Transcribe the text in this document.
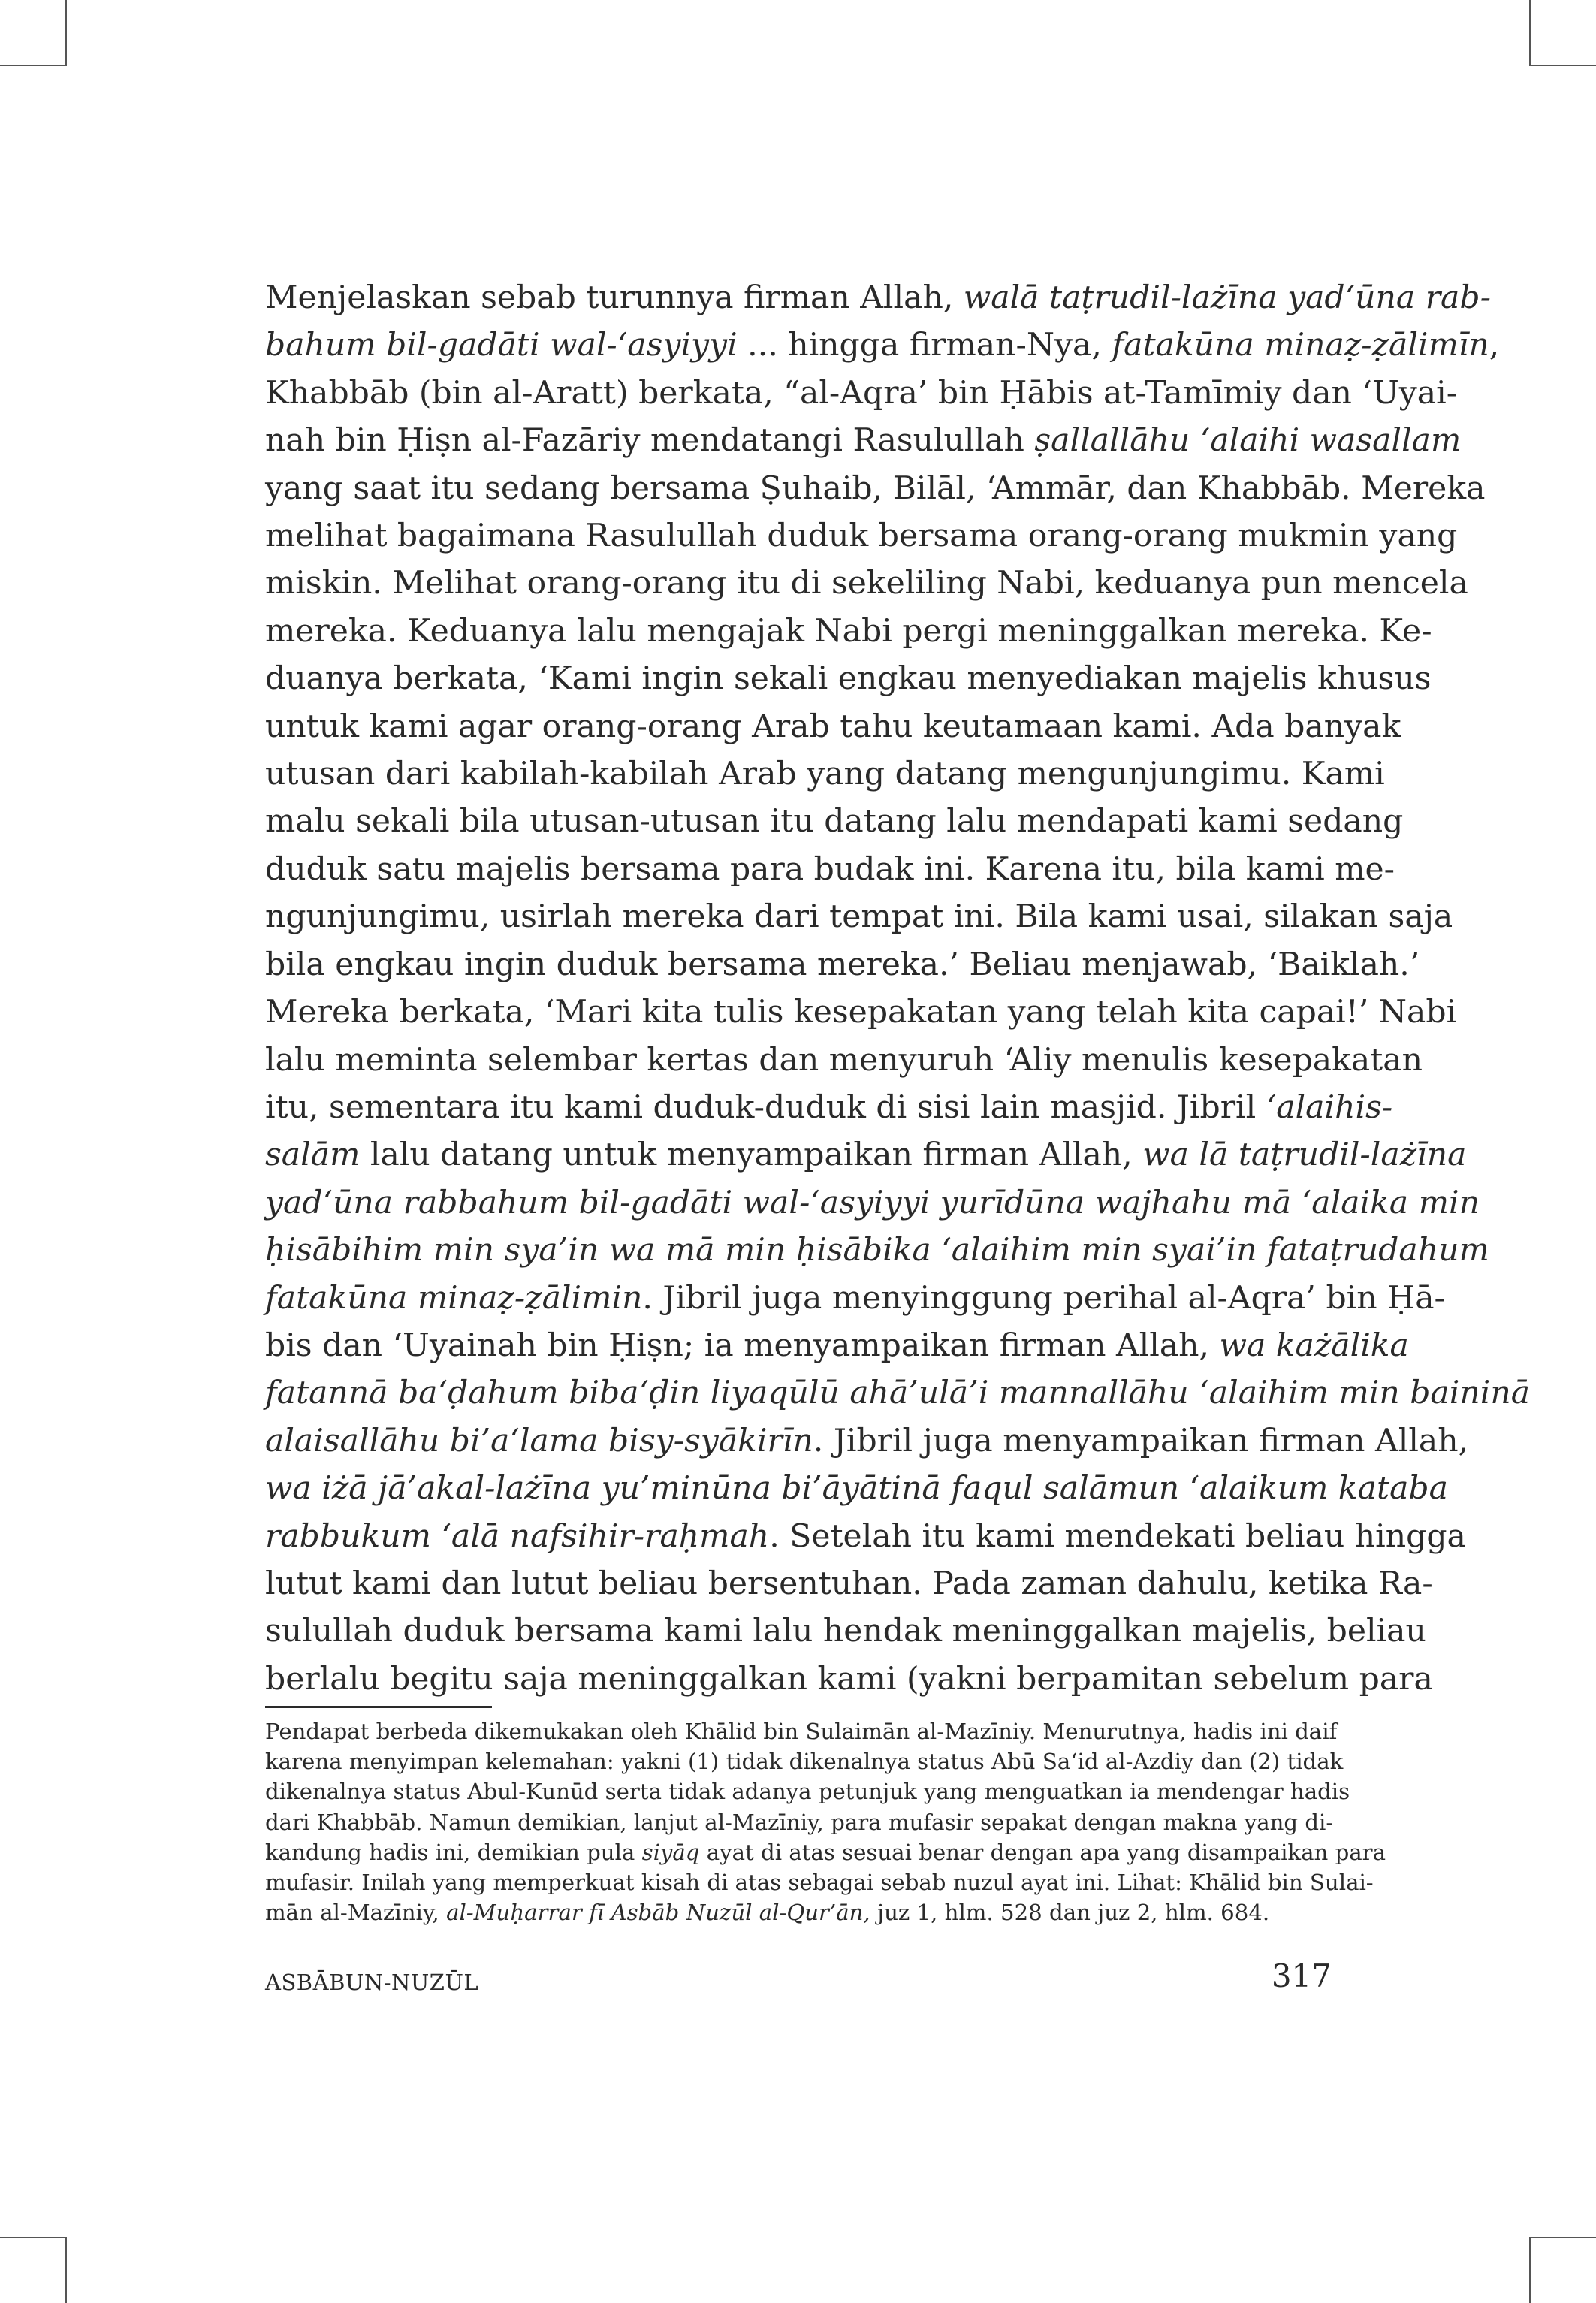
Menjelaskan sebab turunnya firman Allah, walā taṭrudil-lażīna yad‘ūna rab-
bahum bil-gadāti wal-‘asyiyyi ... hingga firman-Nya, fatakūna minaẓ-ẓālimīn,
Khabbāb (bin al-Aratt) berkata, “al-Aqra’ bin Ḥābis at-Tamīmiy dan ‘Uyai-
nah bin Ḥiṣn al-Fazāriy mendatangi Rasulullah ṣallallāhu ‘alaihi wasallam
yang saat itu sedang bersama Ṣuhaib, Bilāl, ‘Ammār, dan Khabbāb. Mereka
melihat bagaimana Rasulullah duduk bersama orang-orang mukmin yang
miskin. Melihat orang-orang itu di sekeliling Nabi, keduanya pun mencela
mereka. Keduanya lalu mengajak Nabi pergi meninggalkan mereka. Ke-
duanya berkata, ‘Kami ingin sekali engkau menyediakan majelis khusus
untuk kami agar orang-orang Arab tahu keutamaan kami. Ada banyak
utusan dari kabilah-kabilah Arab yang datang mengunjungimu. Kami
malu sekali bila utusan-utusan itu datang lalu mendapati kami sedang
duduk satu majelis bersama para budak ini. Karena itu, bila kami me-
ngunjungimu, usirlah mereka dari tempat ini. Bila kami usai, silakan saja
bila engkau ingin duduk bersama mereka.’ Beliau menjawab, ‘Baiklah.’
Mereka berkata, ‘Mari kita tulis kesepakatan yang telah kita capai!’ Nabi
lalu meminta selembar kertas dan menyuruh ‘Aliy menulis kesepakatan
itu, sementara itu kami duduk-duduk di sisi lain masjid. Jibril ‘alaihis-
salām lalu datang untuk menyampaikan firman Allah, wa lā taṭrudil-lażīna
yad‘ūna rabbahum bil-gadāti wal-‘asyiyyi yurīdūna wajhahu mā ‘alaika min
ḥisābihim min sya’in wa mā min ḥisābika ‘alaihim min syai’in fataṭrudahum
fatakūna minaẓ-ẓālimin. Jibril juga menyinggung perihal al-Aqra’ bin Ḥā-
bis dan ‘Uyainah bin Ḥiṣn; ia menyampaikan firman Allah, wa każālika
fatannā ba‘ḍahum biba‘ḍin liyaqūlū ahā’ulā’i mannallāhu ‘alaihim min baininā
alaisallāhu bi’a‘lama bisy-syākirīn. Jibril juga menyampaikan firman Allah,
wa iżā jā’akal-lażīna yu’minūna bi’āyātinā faqul salāmun ‘alaikum kataba
rabbukum ‘alā nafsihir-raḥmah. Setelah itu kami mendekati beliau hingga
lutut kami dan lutut beliau bersentuhan. Pada zaman dahulu, ketika Ra-
sulullah duduk bersama kami lalu hendak meninggalkan majelis, beliau
berlalu begitu saja meninggalkan kami (yakni berpamitan sebelum para
Pendapat berbeda dikemukakan oleh Khālid bin Sulaimān al-Mazīniy. Menurutnya, hadis ini daif
karena menyimpan kelemahan: yakni (1) tidak dikenalnya status Abū Sa‘id al-Azdiy dan (2) tidak
dikenalnya status Abul-Kunūd serta tidak adanya petunjuk yang menguatkan ia mendengar hadis
dari Khabbāb. Namun demikian, lanjut al-Mazīniy, para mufasir sepakat dengan makna yang di-
kandung hadis ini, demikian pula siyāq ayat di atas sesuai benar dengan apa yang disampaikan para
mufasir. Inilah yang memperkuat kisah di atas sebagai sebab nuzul ayat ini. Lihat: Khālid bin Sulai-
mān al-Mazīniy, al-Muḥarrar fī Asbāb Nuzūl al-Qur’ān, juz 1, hlm. 528 dan juz 2, hlm. 684.
ASBĀBUN-NUZŪL	317
